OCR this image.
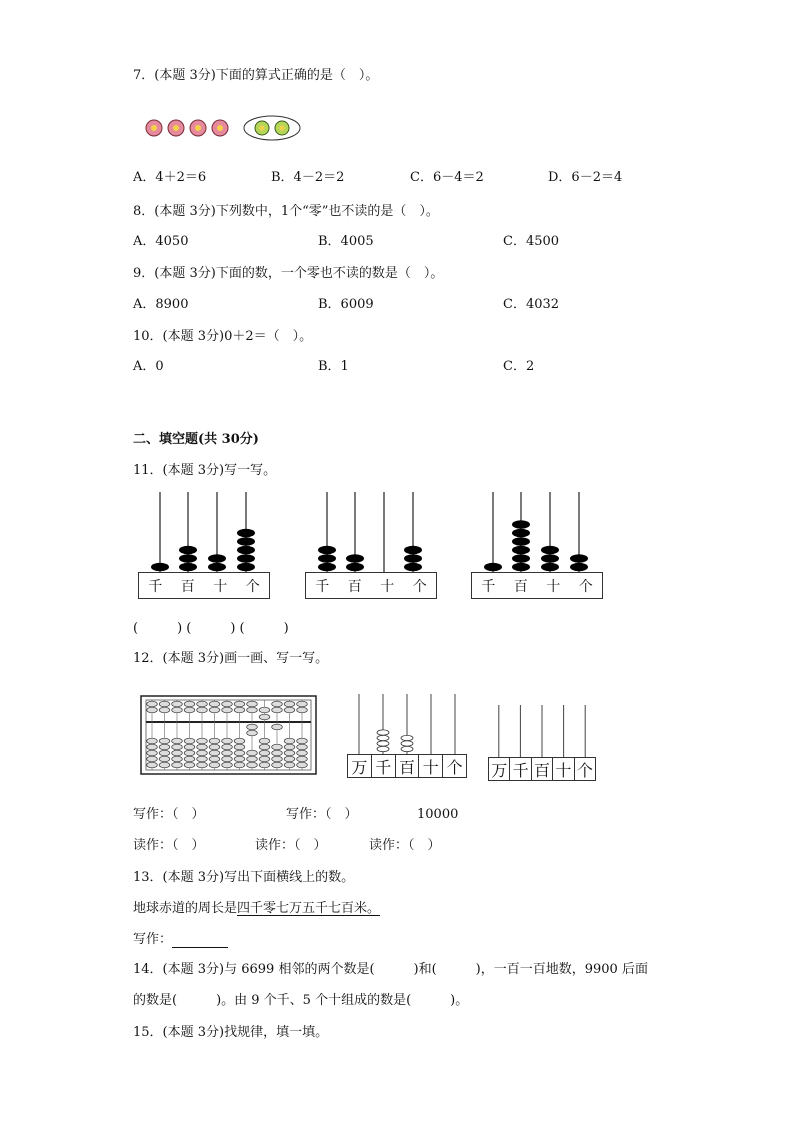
7．(本题 3分)下面的算式正确的是（　）。
A．4＋2＝6	B．4－2＝2	C．6－4＝2	D．6－2＝4
8．(本题 3分)下列数中，1个“零”也不读的是（　）。
A．4050	B．4005	C．4500
9．(本题 3分)下面的数，一个零也不读的数是（　）。
A．8900	B．6009	C．4032
10．(本题 3分)0＋2＝（　）。
A．0	B．1	C．2
二、填空题(共 30分)
11．(本题 3分)写一写。
千 百 十 个	千 百 十 个	千 百 十 个
(　　　) (　　　) (　　　)
12．(本题 3分)画一画、写一写。
万 千 百 十 个 万 千 百 十 个
写作：（　）	写作：（　）	10000
读作：（　）	读作：（　）	读作：（　）
13．(本题 3分)写出下面横线上的数。
地球赤道的周长是四千零七万五千七百米。
写作：
14．(本题 3分)与 6699 相邻的两个数是(　　　)和(　　　)，一百一百地数，9900 后面
的数是(　　　)。由 9 个千、5 个十组成的数是(　　　)。
15．(本题 3分)找规律，填一填。
